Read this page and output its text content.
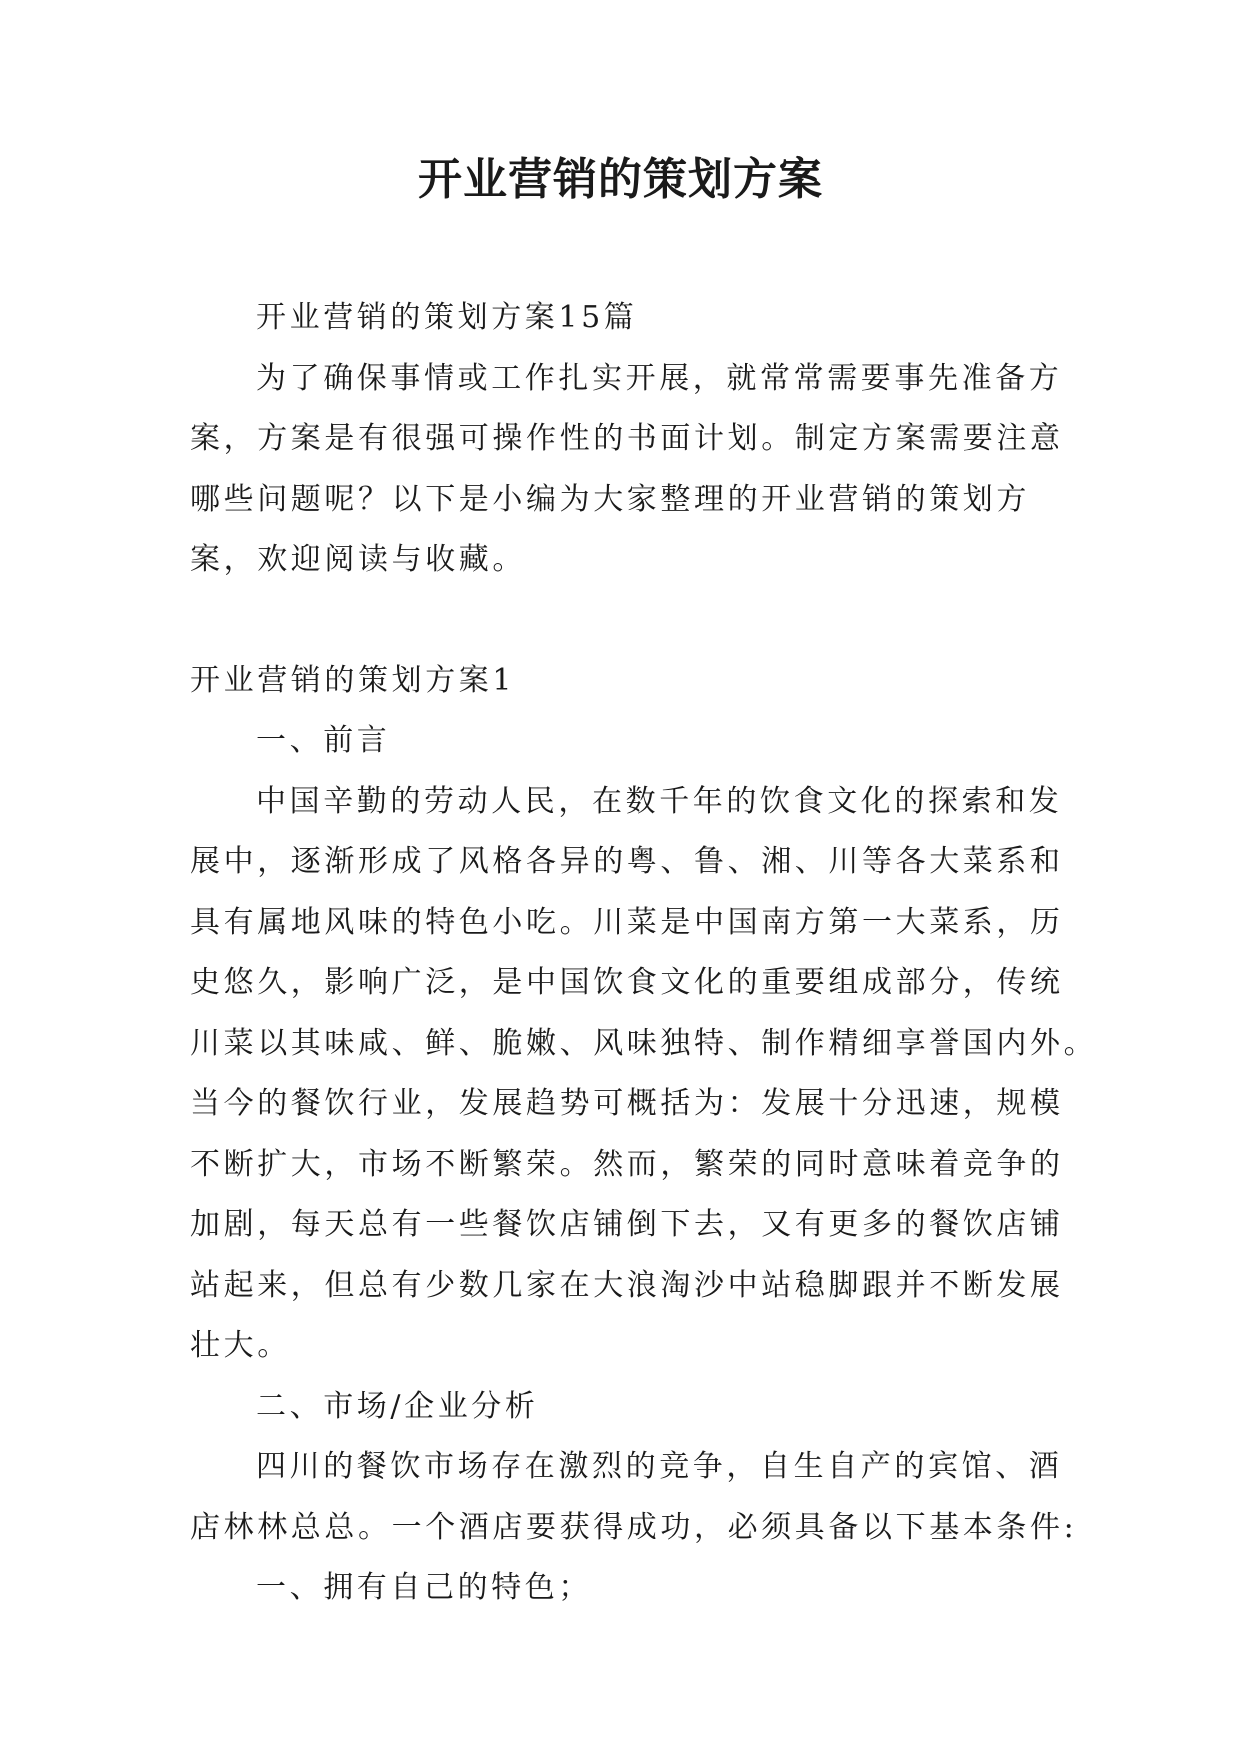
开业营销的策划方案

开业营销的策划方案15篇

为了确保事情或工作扎实开展，就常常需要事先准备方

案，方案是有很强可操作性的书面计划。制定方案需要注意

哪些问题呢？以下是小编为大家整理的开业营销的策划方

案，欢迎阅读与收藏。

开业营销的策划方案1

一、前言

中国辛勤的劳动人民，在数千年的饮食文化的探索和发

展中，逐渐形成了风格各异的粤、鲁、湘、川等各大菜系和

具有属地风味的特色小吃。川菜是中国南方第一大菜系，历

史悠久，影响广泛，是中国饮食文化的重要组成部分，传统

川菜以其味咸、鲜、脆嫩、风味独特、制作精细享誉国内外。

当今的餐饮行业，发展趋势可概括为：发展十分迅速，规模

不断扩大，市场不断繁荣。然而，繁荣的同时意味着竞争的

加剧，每天总有一些餐饮店铺倒下去，又有更多的餐饮店铺

站起来，但总有少数几家在大浪淘沙中站稳脚跟并不断发展

壮大。

二、市场/企业分析

四川的餐饮市场存在激烈的竞争，自生自产的宾馆、酒

店林林总总。一个酒店要获得成功，必须具备以下基本条件:

一、拥有自己的特色；
